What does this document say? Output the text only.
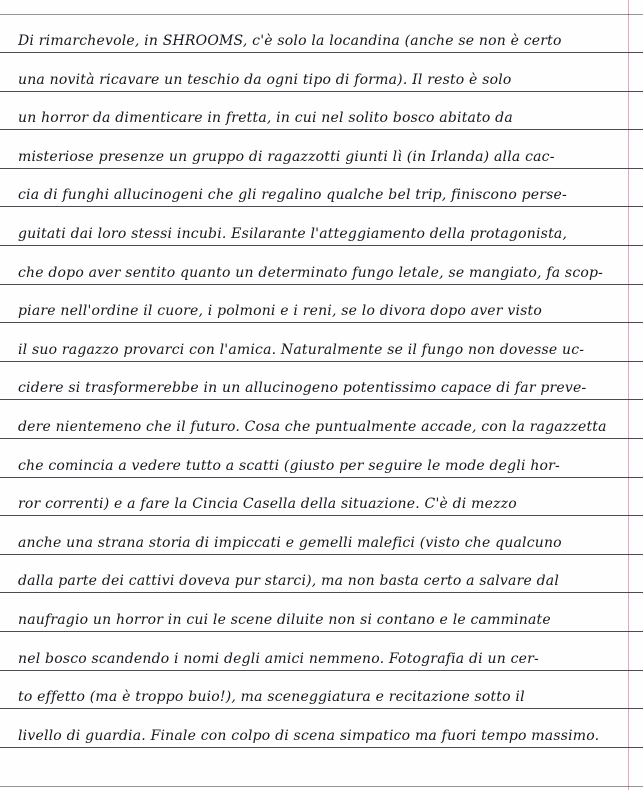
Di rimarchevole, in SHROOMS, c'è solo la locandina (anche se non è certo
una novità ricavare un teschio da ogni tipo di forma). Il resto è solo
un horror da dimenticare in fretta, in cui nel solito bosco abitato da
misteriose presenze un gruppo di ragazzotti giunti lì (in Irlanda) alla cac-
cia di funghi allucinogeni che gli regalino qualche bel trip, finiscono perse-
guitati dai loro stessi incubi. Esilarante l'atteggiamento della protagonista,
che dopo aver sentito quanto un determinato fungo letale, se mangiato, fa scop-
piare nell'ordine il cuore, i polmoni e i reni, se lo divora dopo aver visto
il suo ragazzo provarci con l'amica. Naturalmente se il fungo non dovesse uc-
cidere si trasformerebbe in un allucinogeno potentissimo capace di far preve-
dere nientemeno che il futuro. Cosa che puntualmente accade, con la ragazzetta
che comincia a vedere tutto a scatti (giusto per seguire le mode degli hor-
ror correnti) e a fare la Cincia Casella della situazione. C'è di mezzo
anche una strana storia di impiccati e gemelli malefici (visto che qualcuno
dalla parte dei cattivi doveva pur starci), ma non basta certo a salvare dal
naufragio un horror in cui le scene diluite non si contano e le camminate
nel bosco scandendo i nomi degli amici nemmeno. Fotografia di un cer-
to effetto (ma è troppo buio!), ma sceneggiatura e recitazione sotto il
livello di guardia. Finale con colpo di scena simpatico ma fuori tempo massimo.
